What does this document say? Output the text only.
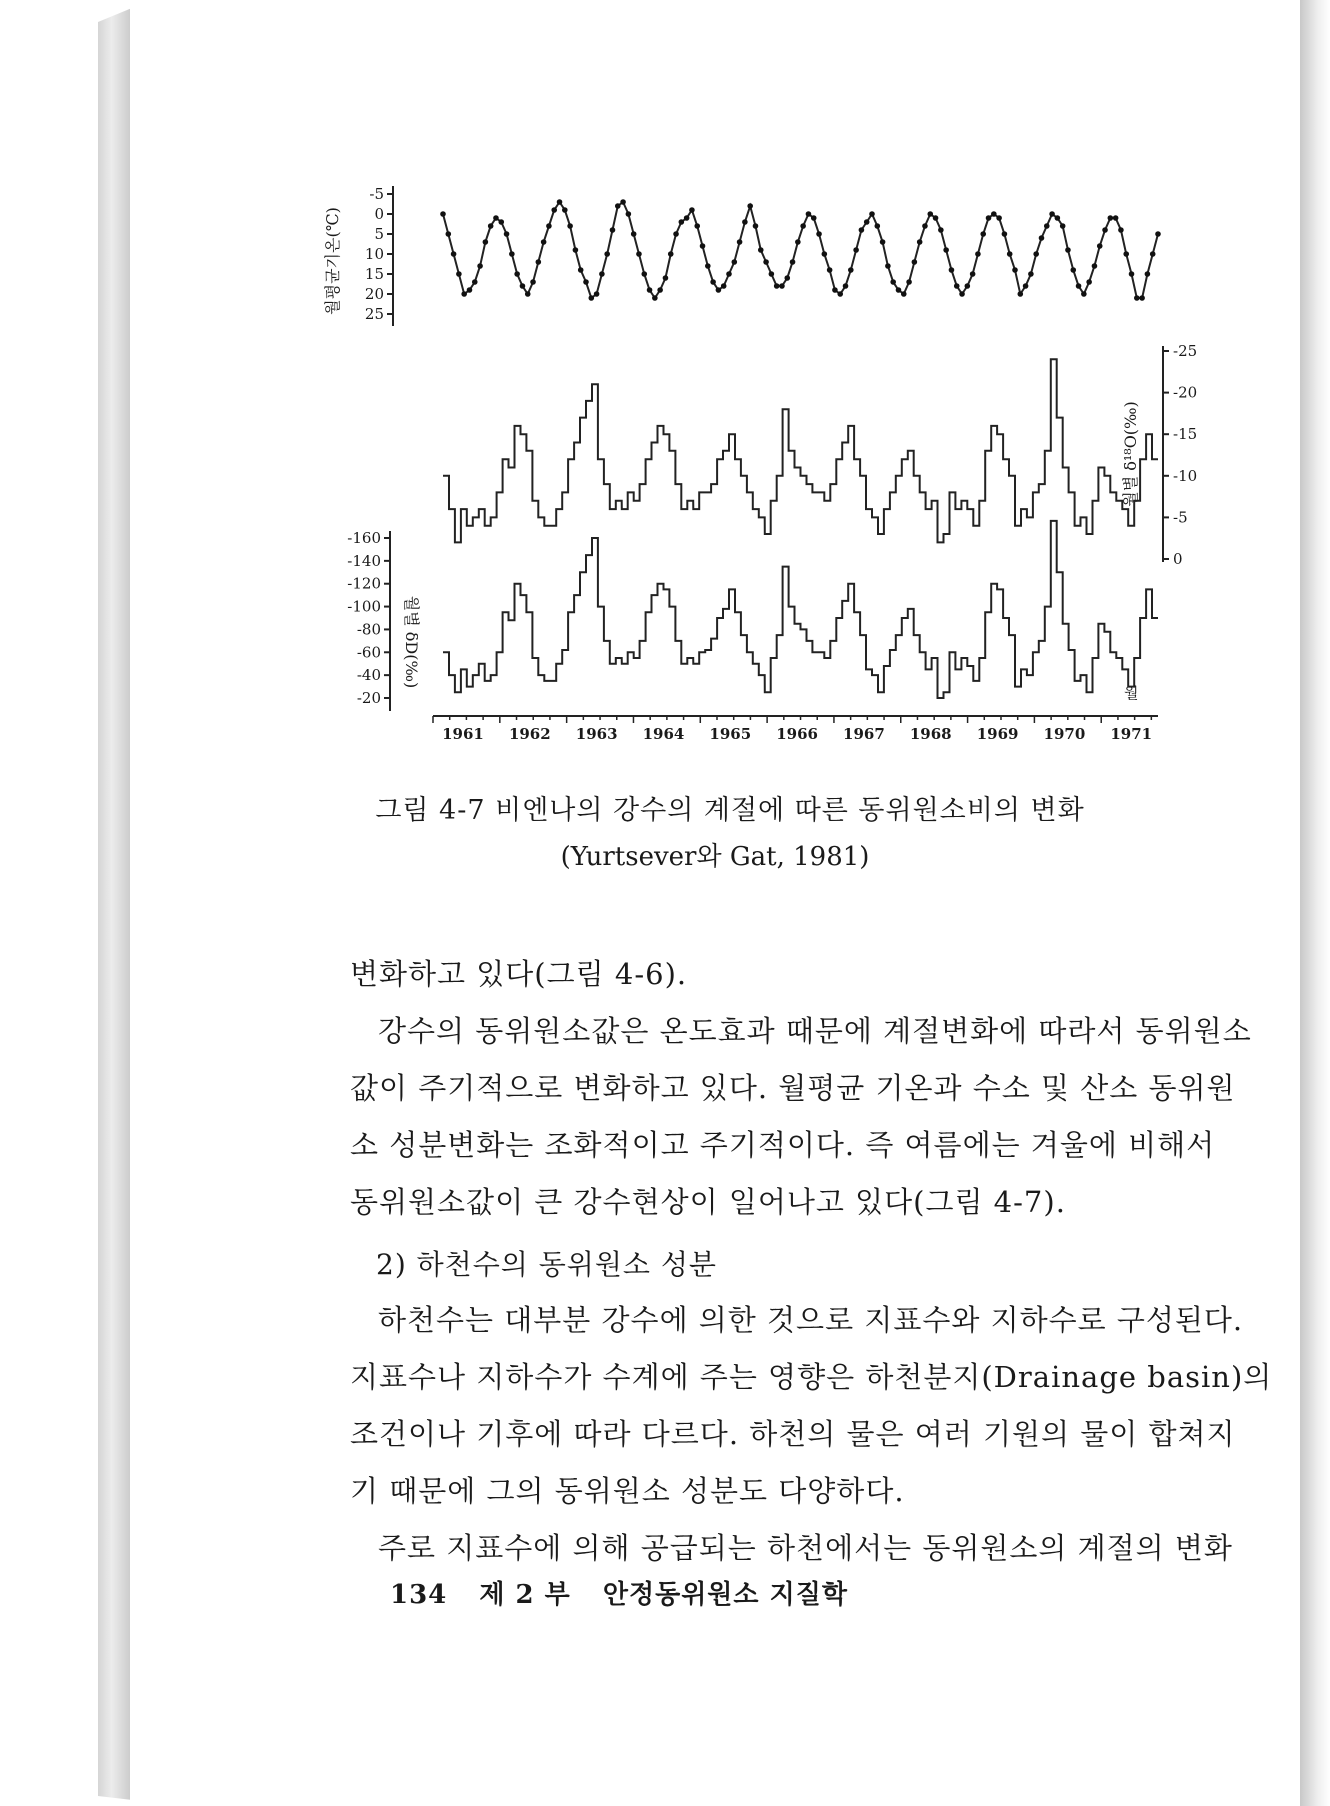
월평균기온(℃)
-5
0
5
10
15
20
25
-25
-20
-15
-10
-5
0
월별 δ¹⁸O(‰)
-160
-140
-120
-100
-80
-60
-40
-20
월별 δD(‰)
1961 1962 1963 1964 1965 1966 1967 1968 1969 1970 1971
월
그림 4-7 비엔나의 강수의 계절에 따른 동위원소비의 변화
(Yurtsever와 Gat, 1981)
변화하고 있다(그림 4-6).
강수의 동위원소값은 온도효과 때문에 계절변화에 따라서 동위원소
값이 주기적으로 변화하고 있다. 월평균 기온과 수소 및 산소 동위원
소 성분변화는 조화적이고 주기적이다. 즉 여름에는 겨울에 비해서
동위원소값이 큰 강수현상이 일어나고 있다(그림 4-7).
2) 하천수의 동위원소 성분
하천수는 대부분 강수에 의한 것으로 지표수와 지하수로 구성된다.
지표수나 지하수가 수계에 주는 영향은 하천분지(Drainage basin)의
조건이나 기후에 따라 다르다. 하천의 물은 여러 기원의 물이 합쳐지
기 때문에 그의 동위원소 성분도 다양하다.
주로 지표수에 의해 공급되는 하천에서는 동위원소의 계절의 변화
134 제 2 부 안정동위원소 지질학
